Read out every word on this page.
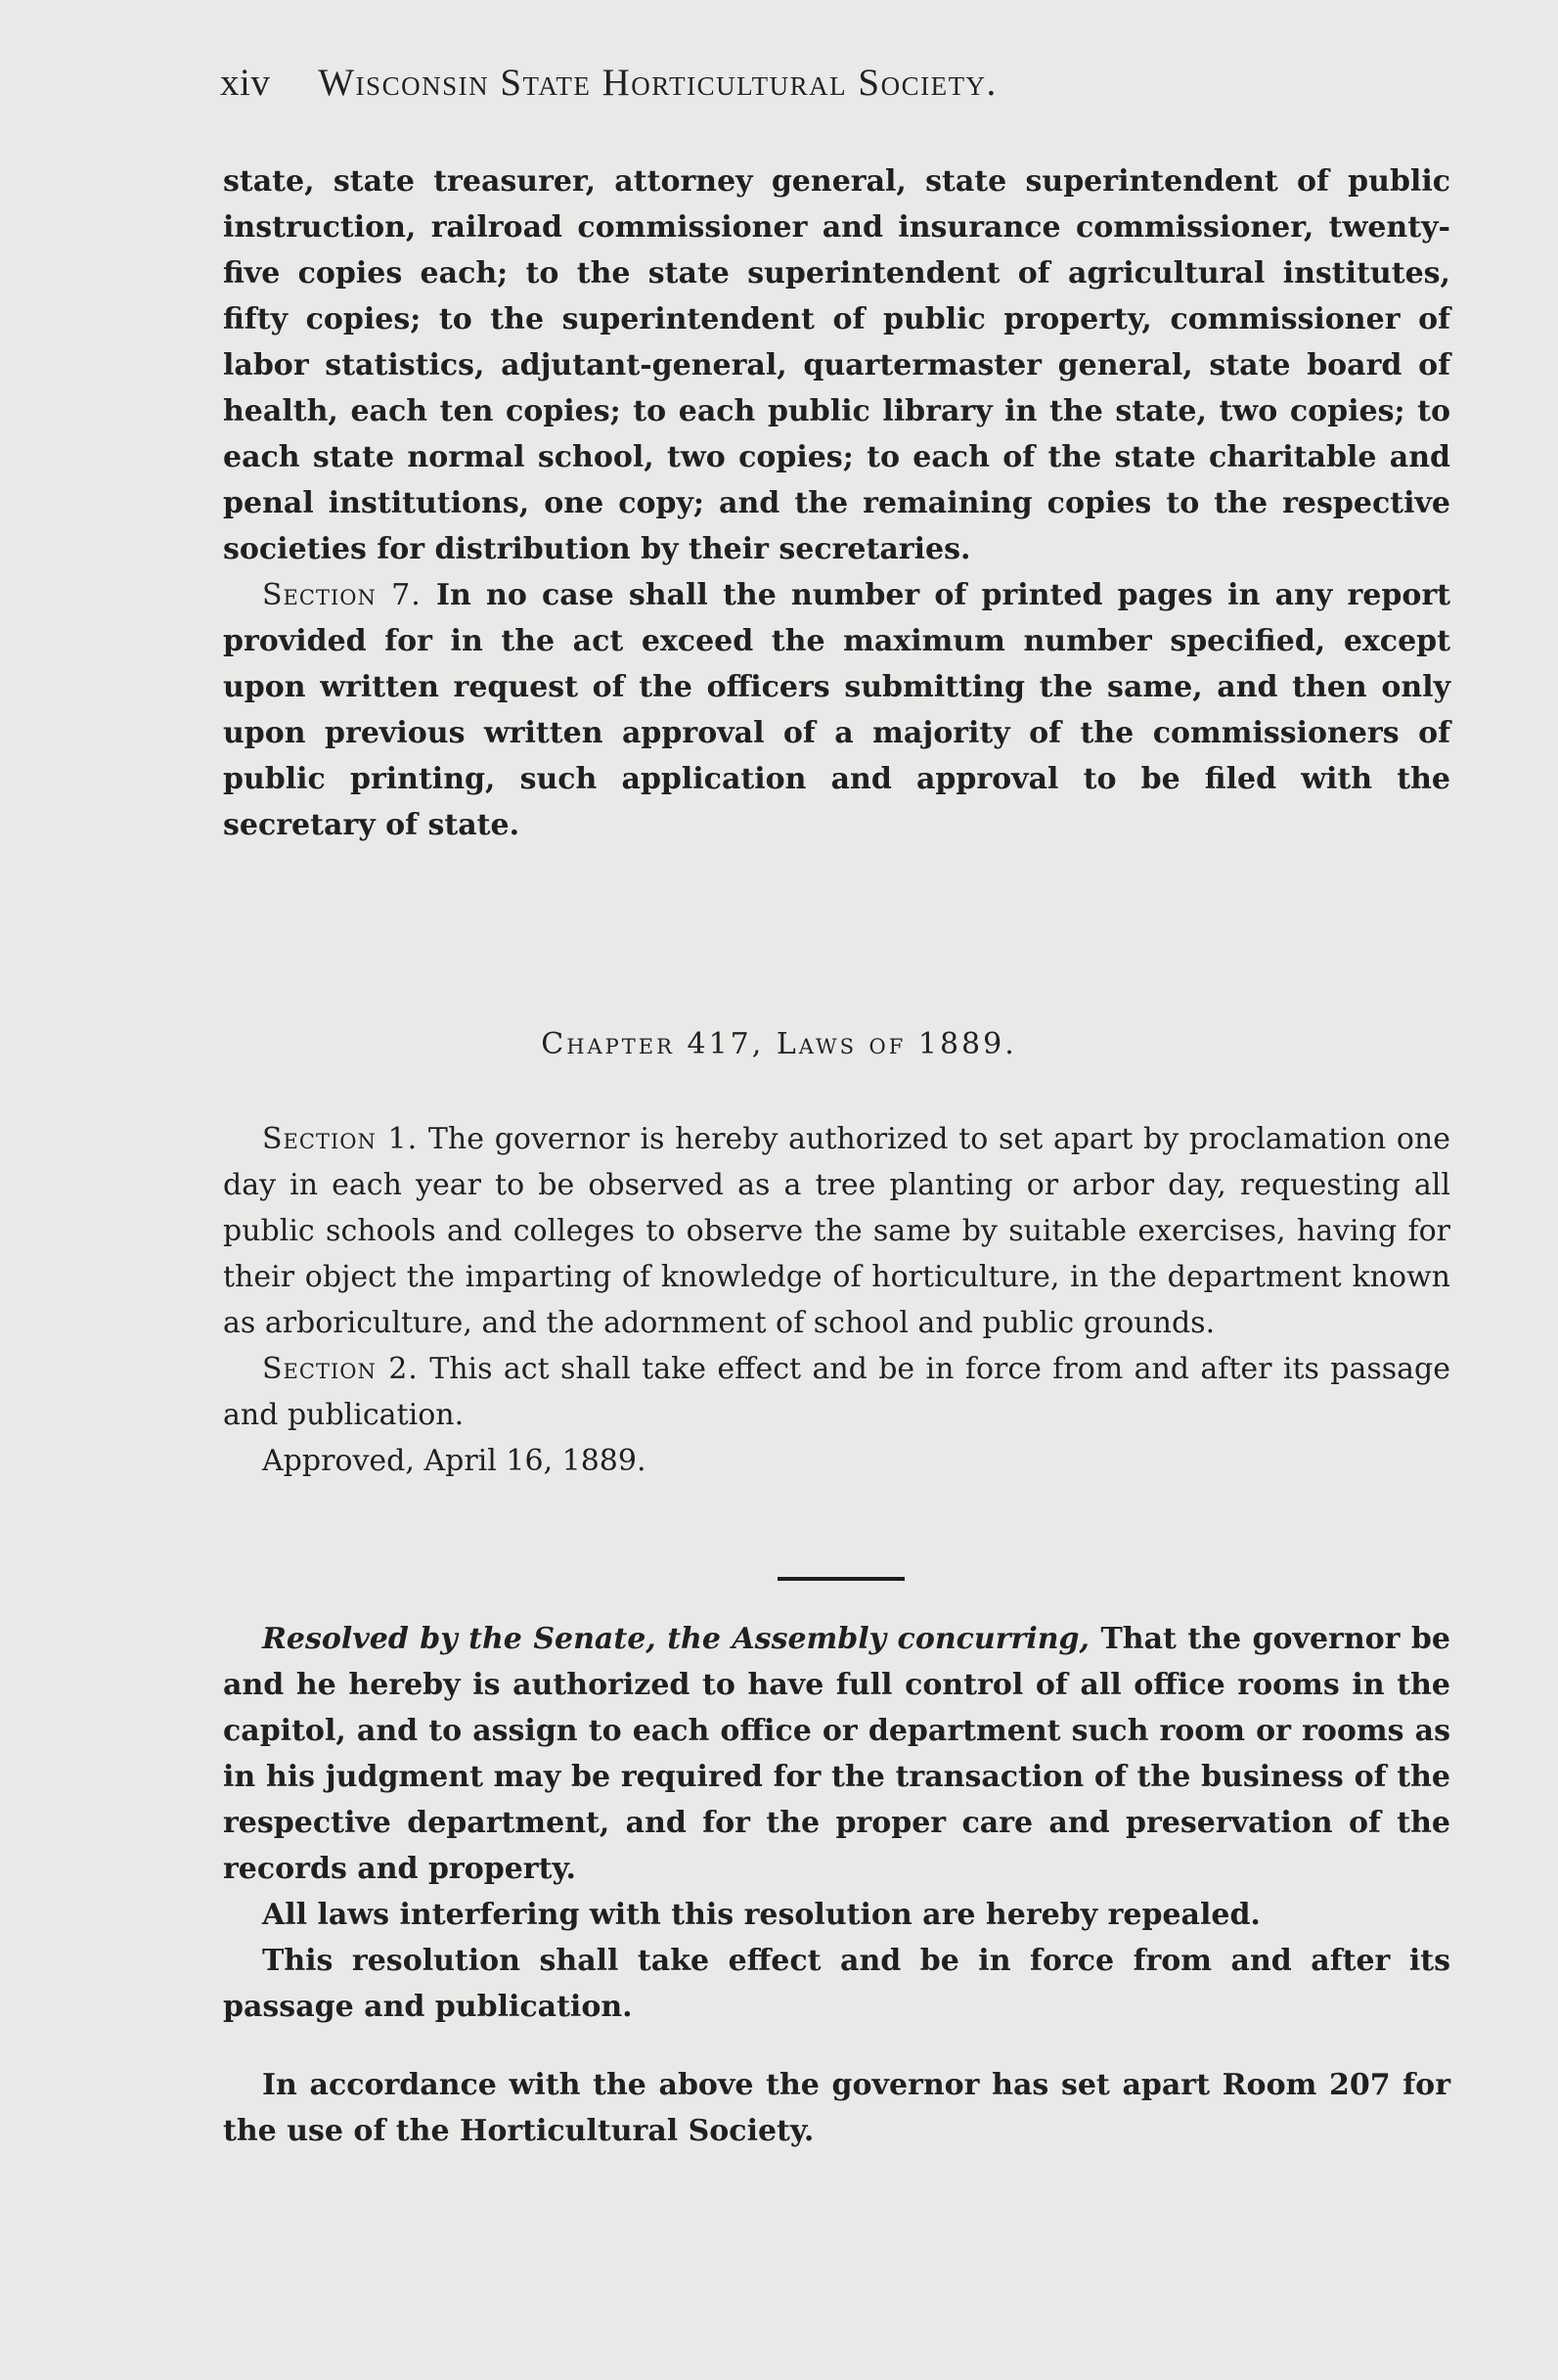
xiv Wisconsin State Horticultural Society.

state, state treasurer, attorney general, state superintendent of public instruction, railroad commissioner and insurance commissioner, twenty-five copies each; to the state superintendent of agricultural institutes, fifty copies; to the superintendent of public property, commissioner of labor statistics, adjutant-general, quartermaster general, state board of health, each ten copies; to each public library in the state, two copies; to each state normal school, two copies; to each of the state charitable and penal institutions, one copy; and the remaining copies to the respective societies for distribution by their secretaries.

Section 7. In no case shall the number of printed pages in any report provided for in the act exceed the maximum number specified, except upon written request of the officers submitting the same, and then only upon previous written approval of a majority of the commissioners of public printing, such application and approval to be filed with the secretary of state.

Chapter 417, Laws of 1889.

Section 1. The governor is hereby authorized to set apart by proclamation one day in each year to be observed as a tree planting or arbor day, requesting all public schools and colleges to observe the same by suitable exercises, having for their object the imparting of knowledge of horticulture, in the department known as arboriculture, and the adornment of school and public grounds.

Section 2. This act shall take effect and be in force from and after its passage and publication.

Approved, April 16, 1889.

Resolved by the Senate, the Assembly concurring, That the governor be and he hereby is authorized to have full control of all office rooms in the capitol, and to assign to each office or department such room or rooms as in his judgment may be required for the transaction of the business of the respective department, and for the proper care and preservation of the records and property.

All laws interfering with this resolution are hereby repealed.

This resolution shall take effect and be in force from and after its passage and publication.

In accordance with the above the governor has set apart Room 207 for the use of the Horticultural Society.
